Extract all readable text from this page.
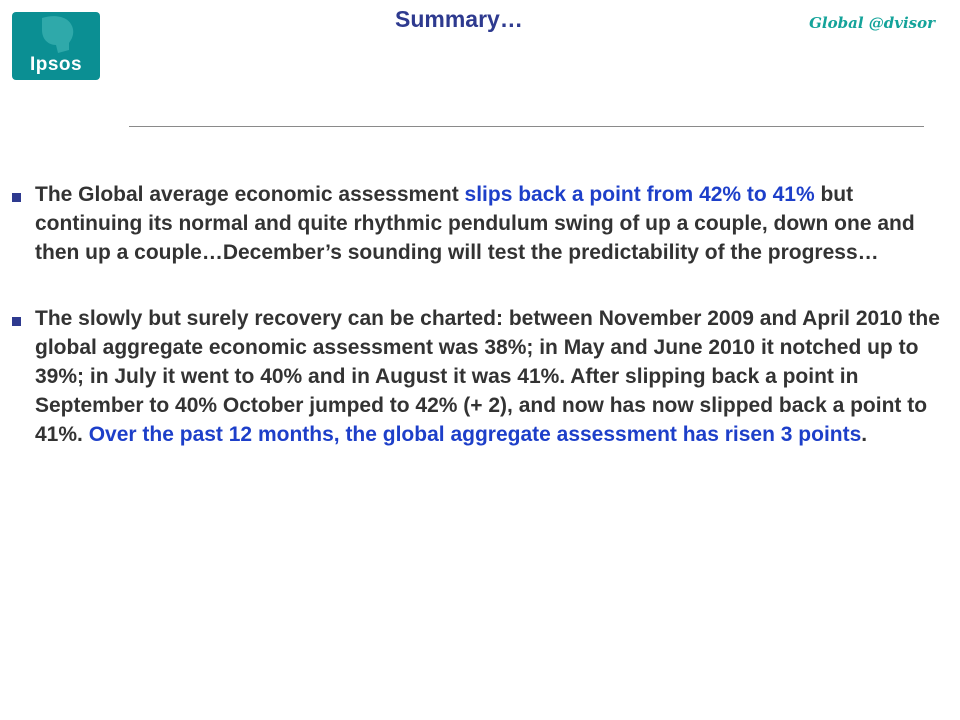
Ipsos
Summary…	Global @dvisor
The Global average economic assessment slips back a point from 42% to 41% but continuing its normal and quite rhythmic pendulum swing of up a couple, down one and then up a couple…December’s sounding will test the predictability of the progress…
The slowly but surely recovery can be charted: between November 2009 and April 2010 the global aggregate economic assessment was 38%; in May and June 2010 it notched up to 39%; in July it went to 40% and in August it was 41%. After slipping back a point in September to 40% October jumped to 42% (+ 2), and now has now slipped back a point to 41%. Over the past 12 months, the global aggregate assessment has risen 3 points.
